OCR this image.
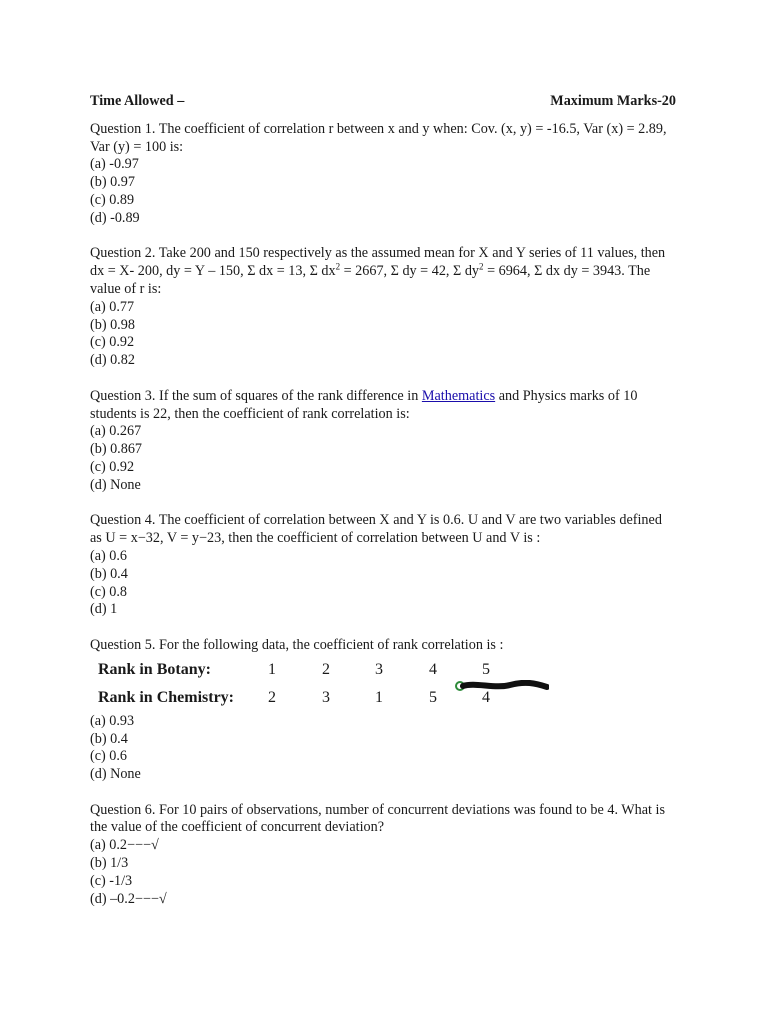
Time Allowed –	Maximum Marks-20

Question 1. The coefficient of correlation r between x and y when: Cov. (x, y) = -16.5, Var (x) = 2.89, Var (y) = 100 is:

(a) -0.97

(b) 0.97

(c) 0.89

(d) -0.89

Question 2. Take 200 and 150 respectively as the assumed mean for X and Y series of 11 values, then dx = X- 200, dy = Y – 150, Σ dx = 13, Σ $dx^2 = 2667$, Σ dy = 42, Σ $dy^2 = 6964$, Σ dx dy = 3943. The value of r is:

(a) 0.77

(b) 0.98

(c) 0.92

(d) 0.82

Question 3. If the sum of squares of the rank difference in Mathematics and Physics marks of 10 students is 22, then the coefficient of rank correlation is:

(a) 0.267

(b) 0.867

(c) 0.92

(d) None

Question 4. The coefficient of correlation between X and Y is 0.6. U and V are two variables defined as U = x−32, V = y−23, then the coefficient of correlation between U and V is :

(a) 0.6

(b) 0.4

(c) 0.8

(d) 1

Question 5. For the following data, the coefficient of rank correlation is :

Rank in Botany:	1	2	3	4	5
Rank in Chemistry: 2	3	1	5	4

(a) 0.93

(b) 0.4

(c) 0.6

(d) None

Question 6. For 10 pairs of observations, number of concurrent deviations was found to be 4. What is the value of the coefficient of concurrent deviation?

(a) 0.2−−−√

(b) 1/3

(c) -1/3

(d) –0.2−−−√
